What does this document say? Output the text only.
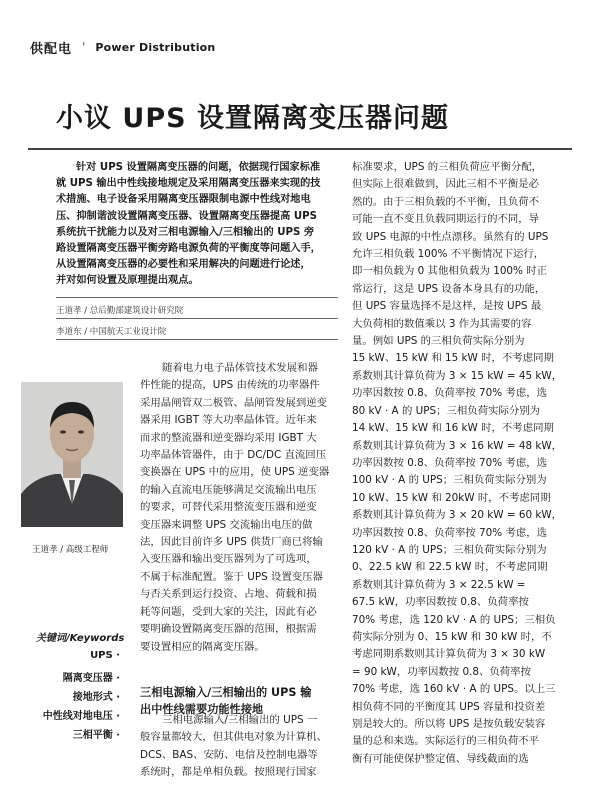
供配电 ' Power Distribution
小议 UPS 设置隔离变压器问题

针对 UPS 设置隔离变压器的问题，依据现行国家标准
就 UPS 输出中性线接地规定及采用隔离变压器来实现的技
术措施、电子设备采用隔离变压器限制电源中性线对地电
压、抑制谐波设置隔离变压器、设置隔离变压器提高 UPS
系统抗干扰能力以及对三相电源输入/三相输出的 UPS 旁
路设置隔离变压器平衡旁路电源负荷的平衡度等问题入手，
从设置隔离变压器的必要性和采用解决的问题进行论述，
并对如何设置及原理提出观点。

王道孝 / 总后勤部建筑设计研究院
李道东 / 中国航天工业设计院
王道孝 / 高级工程师
关键词/Keywords
UPS ·
隔离变压器 ·
接地形式 ·
中性线对地电压 ·
三相平衡 ·
随着电力电子晶体管技术发展和器
件性能的提高，UPS 由传统的功率器件
采用晶闸管双二极管、晶闸管发展到逆变
器采用 IGBT 等大功率晶体管。近年来
而求的整流器和逆变器均采用 IGBT 大
功率晶体管器件，由于 DC/DC 直流回压
变换器在 UPS 中的应用，使 UPS 逆变器
的输入直流电压能够满足交流输出电压
的要求，可替代采用整流变压器和逆变
变压器来调整 UPS 交流输出电压的做
法，因此目前许多 UPS 供货厂商已将输
入变压器和输出变压器列为了可选项，
不属于标准配置。鉴于 UPS 设置变压器
与否关系到运行投资、占地、荷载和损
耗等问题，受到大家的关注，因此有必
要明确设置隔离变压器的范围，根据需
要设置相应的隔离变压器。
三相电源输入/三相输出的 UPS 输
出中性线需要功能性接地
三相电源输入/三相输出的 UPS 一
般容量都较大，但其供电对象为计算机、
DCS、BAS、安防、电信及控制电器等
系统时，都是单相负载。按照现行国家
标准要求，UPS 的三相负荷应平衡分配，
但实际上很难做到，因此三相不平衡是必
然的。由于三相负载的不平衡，且负荷不
可能一直不变且负载同期运行的不同，导
致 UPS 电源的中性点漂移。虽然有的 UPS
允许三相负载 100% 不平衡情况下运行，
即一相负载为 0 其他相负载为 100% 时正
常运行，这是 UPS 设备本身具有的功能，
但 UPS 容量选择不是这样，是按 UPS 最
大负荷相的数值乘以 3 作为其需要的容
量。例如 UPS 的三相负荷实际分别为
15 kW、15 kW 和 15 kW 时，不考虑同期
系数则其计算负荷为 3 × 15 kW = 45 kW，
功率因数按 0.8、负荷率按 70% 考虑，选
80 kV · A 的 UPS；三相负荷实际分别为
14 kW、15 kW 和 16 kW 时，不考虑同期
系数则其计算负荷为 3 × 16 kW = 48 kW，
功率因数按 0.8、负荷率按 70% 考虑，选
100 kV · A 的 UPS；三相负荷实际分别为
10 kW、15 kW 和 20kW 时，不考虑同期
系数则其计算负荷为 3 × 20 kW = 60 kW，
功率因数按 0.8、负荷率按 70% 考虑，选
120 kV · A 的 UPS；三相负荷实际分别为
0、22.5 kW 和 22.5 kW 时，不考虑同期
系数则其计算负荷为 3 × 22.5 kW =
67.5 kW，功率因数按 0.8、负荷率按
70% 考虑，选 120 kV · A 的 UPS；三相负
荷实际分别为 0、15 kW 和 30 kW 时，不
考虑同期系数则其计算负荷为 3 × 30 kW
= 90 kW，功率因数按 0.8、负荷率按
70% 考虑，选 160 kV · A 的 UPS。以上三
相负荷不同的平衡度其 UPS 容量和投资差
别是较大的。所以将 UPS 是按负载安装容
量的总和来选。实际运行的三相负荷不平
衡有可能使保护整定值、导线截面的选
